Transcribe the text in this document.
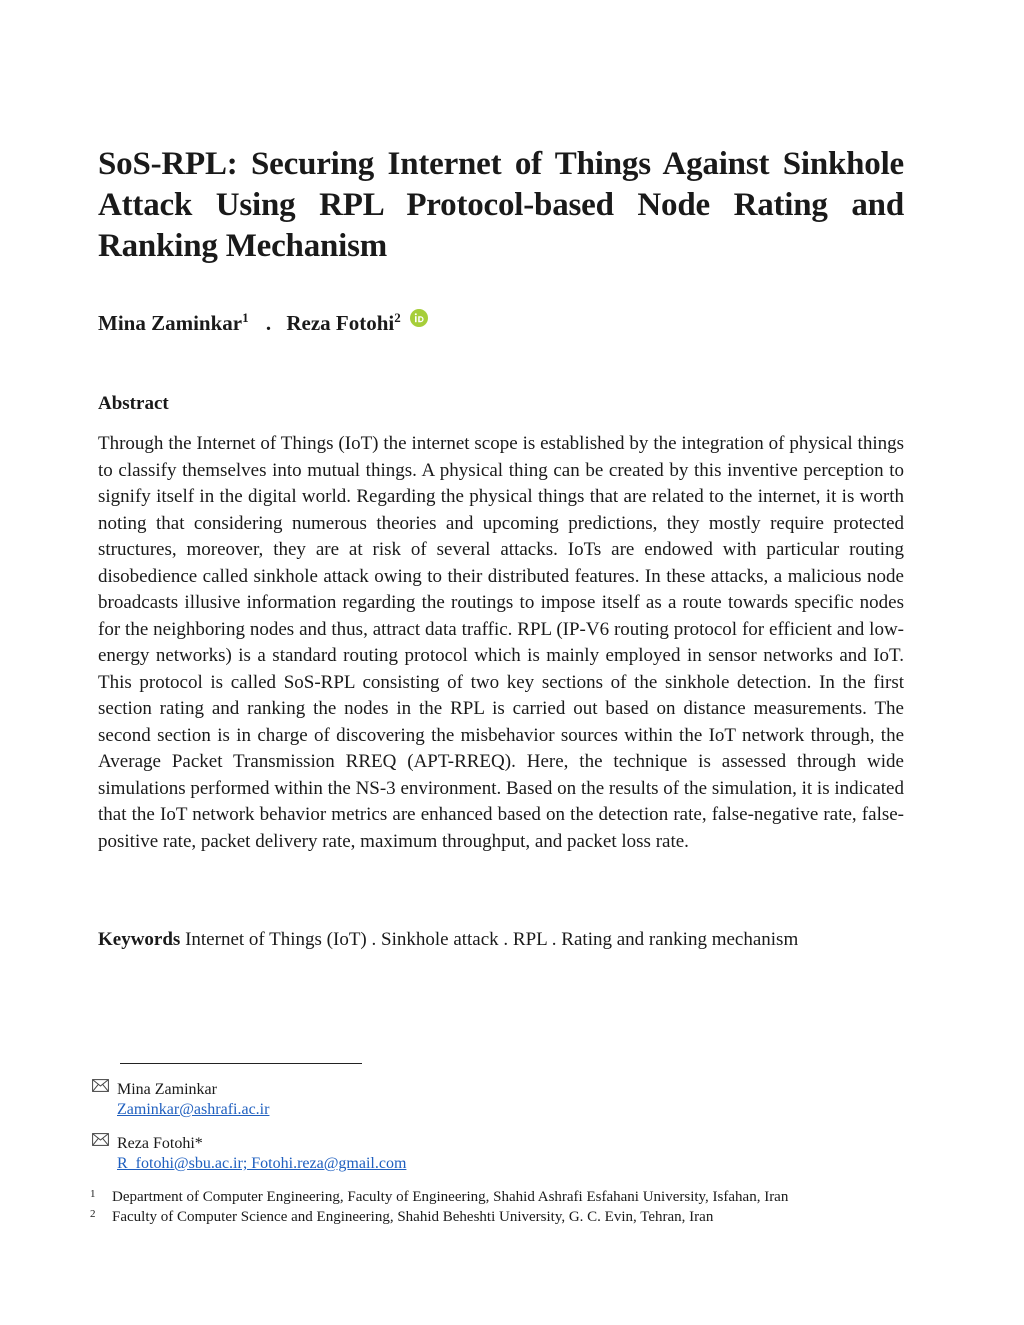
SoS-RPL: Securing Internet of Things Against Sinkhole Attack Using RPL Protocol-based Node Rating and Ranking Mechanism
Mina Zaminkar$^1$ . Reza Fotohi$^2$
Abstract

Through the Internet of Things (IoT) the internet scope is established by the integration of physical things to classify themselves into mutual things. A physical thing can be created by this inventive perception to signify itself in the digital world. Regarding the physical things that are related to the internet, it is worth noting that considering numerous theories and upcoming predictions, they mostly require protected structures, moreover, they are at risk of several attacks. IoTs are endowed with particular routing disobedience called sinkhole attack owing to their distributed features. In these attacks, a malicious node broadcasts illusive information regarding the routings to impose itself as a route towards specific nodes for the neighboring nodes and thus, attract data traffic. RPL (IP-V6 routing protocol for efficient and low-energy networks) is a standard routing protocol which is mainly employed in sensor networks and IoT. This protocol is called SoS-RPL consisting of two key sections of the sinkhole detection. In the first section rating and ranking the nodes in the RPL is carried out based on distance measurements. The second section is in charge of discovering the misbehavior sources within the IoT network through, the Average Packet Transmission RREQ (APT-RREQ). Here, the technique is assessed through wide simulations performed within the NS-3 environment. Based on the results of the simulation, it is indicated that the IoT network behavior metrics are enhanced based on the detection rate, false-negative rate, false-positive rate, packet delivery rate, maximum throughput, and packet loss rate.

Keywords Internet of Things (IoT) . Sinkhole attack . RPL . Rating and ranking mechanism
Mina Zaminkar
Zaminkar@ashrafi.ac.ir
Reza Fotohi*
R_fotohi@sbu.ac.ir; Fotohi.reza@gmail.com
1 Department of Computer Engineering, Faculty of Engineering, Shahid Ashrafi Esfahani University, Isfahan, Iran
2 Faculty of Computer Science and Engineering, Shahid Beheshti University, G. C. Evin, Tehran, Iran
